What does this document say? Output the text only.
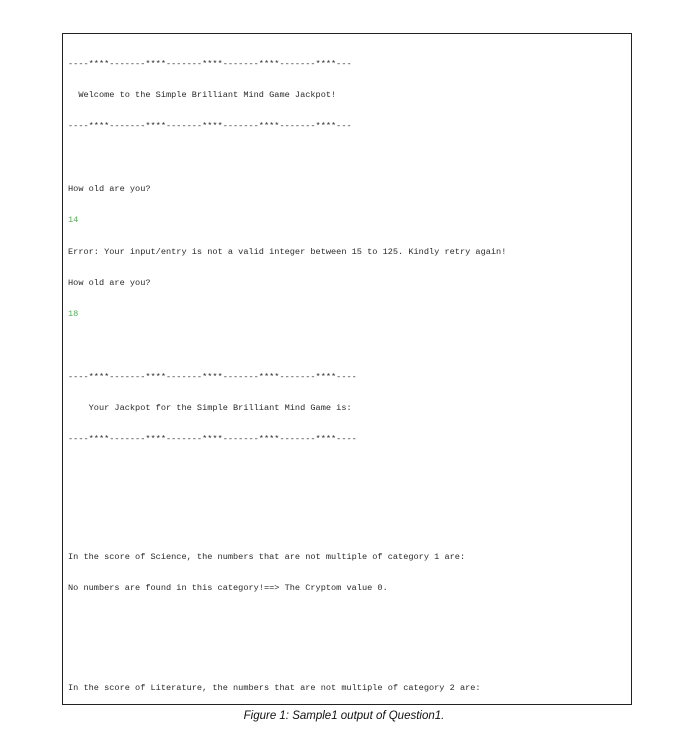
----****-------****-------****-------****-------****---

Welcome to the Simple Brilliant Mind Game Jackpot!

----****-------****-------****-------****-------****---

How old are you?

14

Error: Your input/entry is not a valid integer between 15 to 125. Kindly retry again!

How old are you?

18

----****-------****-------****-------****-------****----

Your Jackpot for the Simple Brilliant Mind Game is:

----****-------****-------****-------****-------****----

In the score of Science, the numbers that are not multiple of category 1 are:

No numbers are found in this category!==> The Cryptom value 0.

In the score of Literature, the numbers that are not multiple of category 2 are:

Figure 1: Sample1 output of Question1.
